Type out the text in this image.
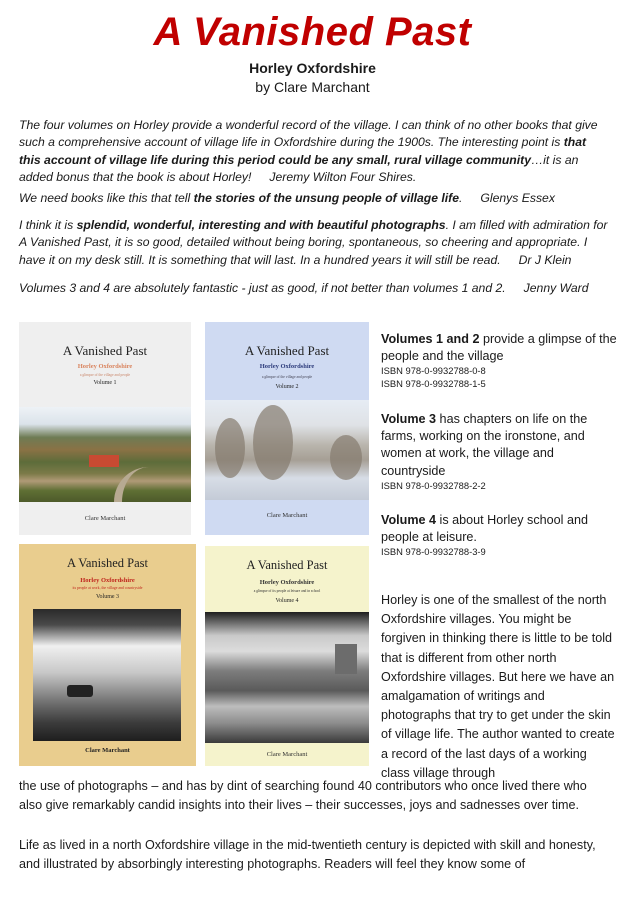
A Vanished Past
Horley Oxfordshire
by Clare Marchant

The four volumes on Horley provide a wonderful record of the village. I can think of no other books that give such a comprehensive account of village life in Oxfordshire during the 1900s. The interesting point is that this account of village life during this period could be any small, rural village community…it is an added bonus that the book is about Horley! Jeremy Wilton Four Shires.

We need books like this that tell the stories of the unsung people of village life. Glenys Essex

I think it is splendid, wonderful, interesting and with beautiful photographs. I am filled with admiration for A Vanished Past, it is so good, detailed without being boring, spontaneous, so cheering and appropriate. I have it on my desk still. It is something that will last. In a hundred years it will still be read. Dr J Klein

Volumes 3 and 4 are absolutely fantastic - just as good, if not better than volumes 1 and 2. Jenny Ward

A Vanished Past
Horley Oxfordshire
a glimpse of the village and people
Volume 1
Clare Marchant
A Vanished Past
Horley Oxfordshire
a glimpse of the village and people
Volume 2
Clare Marchant
A Vanished Past
Horley Oxfordshire
its people at work, the village and countryside
Volume 3
Clare Marchant
A Vanished Past
Horley Oxfordshire
a glimpse of its people at leisure and in school
Volume 4
Clare Marchant

Volumes 1 and 2 provide a glimpse of the people and the village
ISBN 978-0-9932788-0-8
ISBN 978-0-9932788-1-5

Volume 3 has chapters on life on the farms, working on the ironstone, and women at work, the village and countryside
ISBN 978-0-9932788-2-2

Volume 4 is about Horley school and people at leisure.
ISBN 978-0-9932788-3-9

Horley is one of the smallest of the north Oxfordshire villages. You might be forgiven in thinking there is little to be told that is different from other north Oxfordshire villages. But here we have an amalgamation of writings and photographs that try to get under the skin of village life. The author wanted to create a record of the last days of a working class village through

the use of photographs – and has by dint of searching found 40 contributors who once lived there who also give remarkably candid insights into their lives – their successes, joys and sadnesses over time.

Life as lived in a north Oxfordshire village in the mid-twentieth century is depicted with skill and honesty, and illustrated by absorbingly interesting photographs. Readers will feel they know some of
